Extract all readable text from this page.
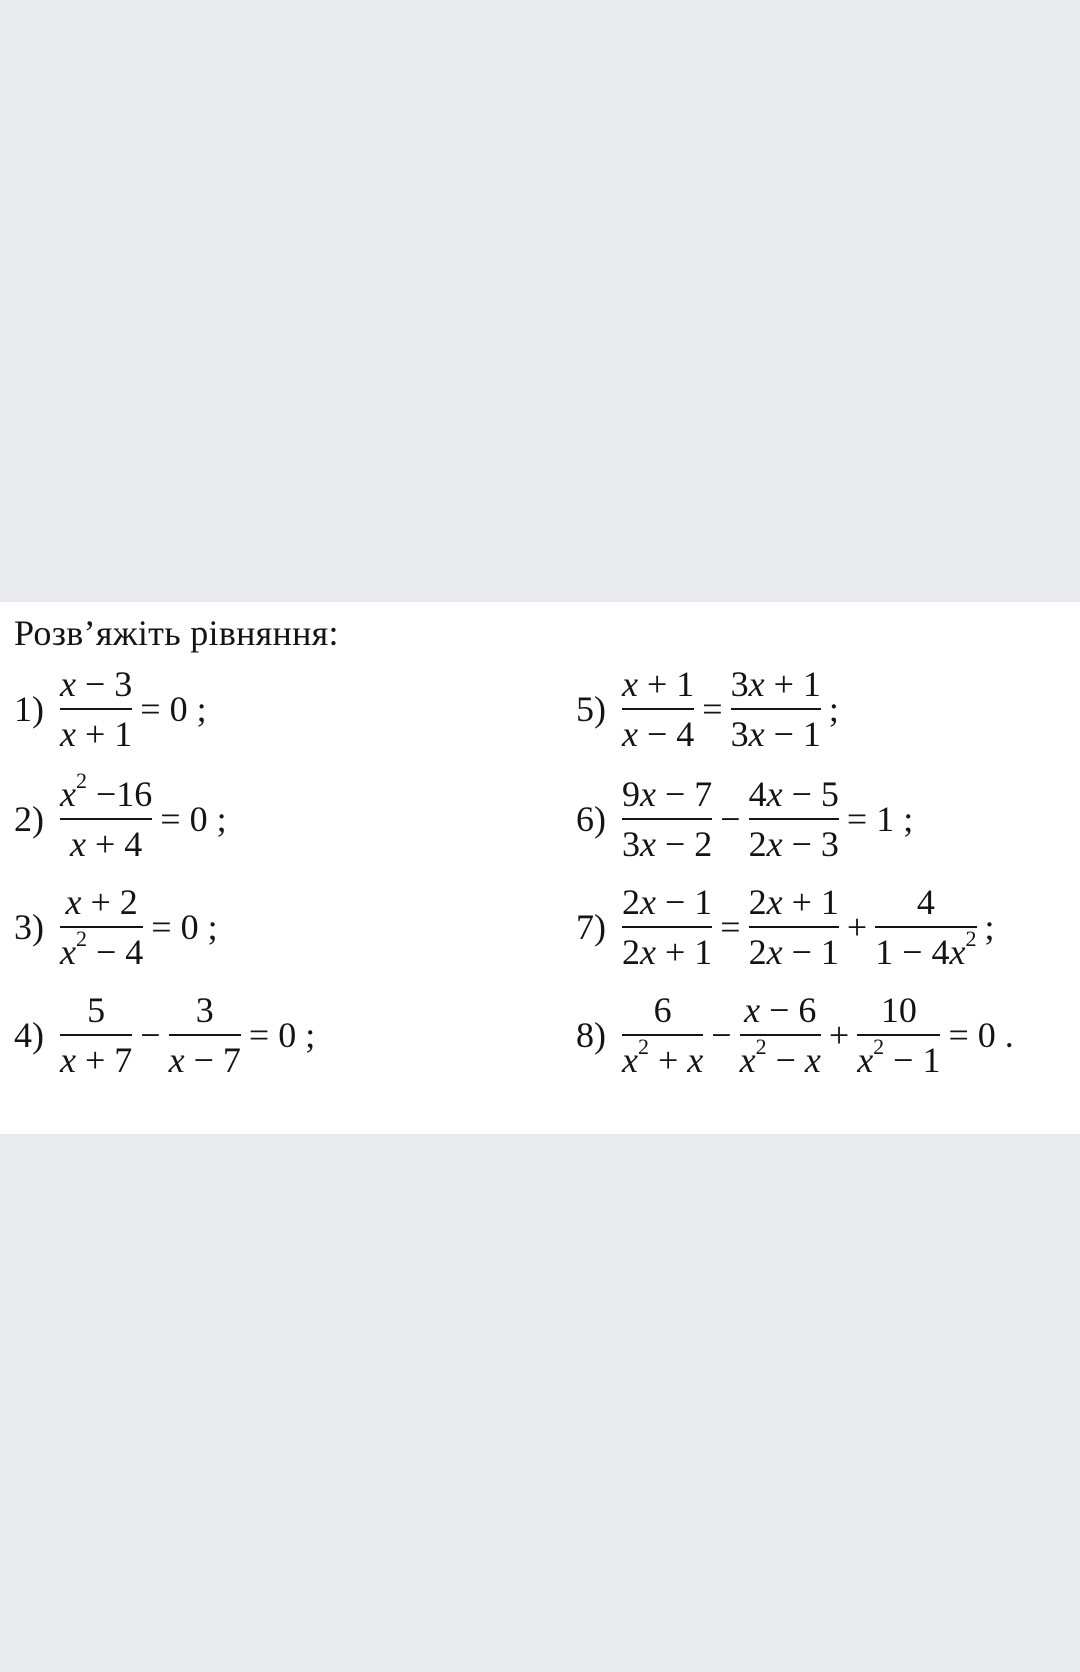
Розв’яжіть рівняння:
$1) \frac{x - 3}{x + 1} = 0$ ;
$2) \frac{x^2 -16}{x + 4} = 0$ ;
$3) \frac{x + 2}{x^2 - 4} = 0$ ;
$4) \frac{5}{x + 7} - \frac{3}{x - 7} = 0$ ;
$5) \frac{x + 1}{x - 4} = \frac{3x + 1}{3x - 1}$ ;
$6) \frac{9x - 7}{3x - 2} - \frac{4x - 5}{2x - 3} = 1$ ;
$7) \frac{2x - 1}{2x + 1} = \frac{2x + 1}{2x - 1} + \frac{4}{1 - 4x^2}$ ;
$8) \frac{6}{x^2 + x} - \frac{x - 6}{x^2 - x} + \frac{10}{x^2 - 1} = 0$ .
